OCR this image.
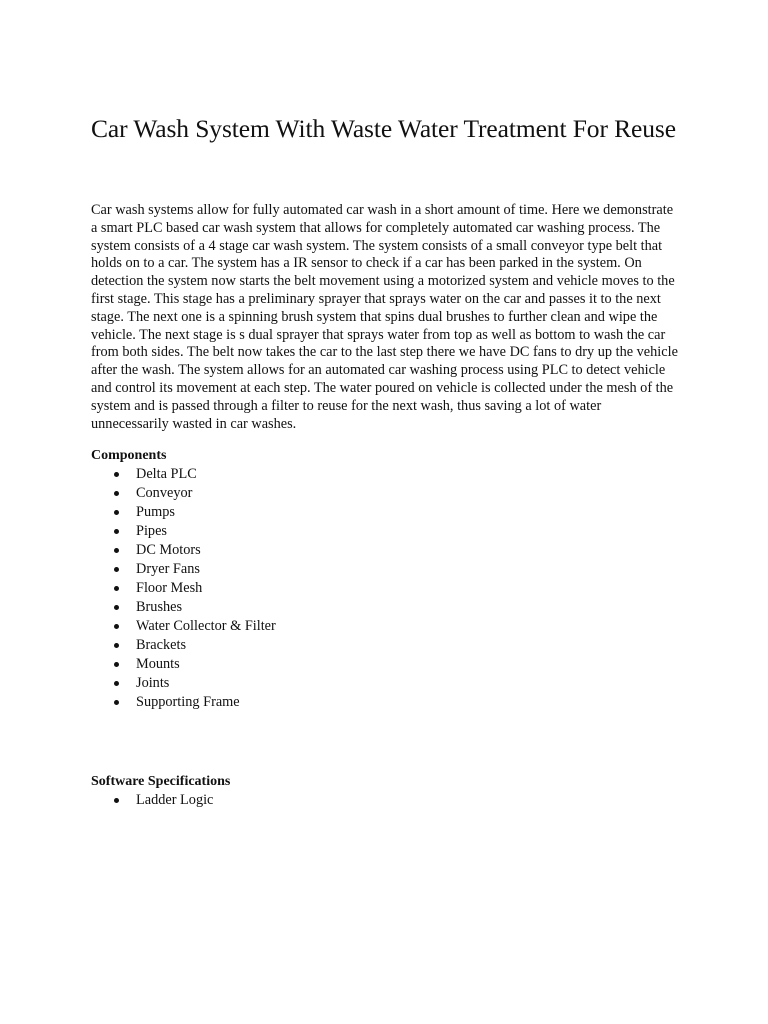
Car Wash System With Waste Water Treatment For Reuse

Car wash systems allow for fully automated car wash in a short amount of time. Here we demonstrate a smart PLC based car wash system that allows for completely automated car washing process. The system consists of a 4 stage car wash system. The system consists of a small conveyor type belt that holds on to a car. The system has a IR sensor to check if a car has been parked in the system. On detection the system now starts the belt movement using a motorized system and vehicle moves to the first stage. This stage has a preliminary sprayer that sprays water on the car and passes it to the next stage. The next one is a spinning brush system that spins dual brushes to further clean and wipe the vehicle. The next stage is s dual sprayer that sprays water from top as well as bottom to wash the car from both sides. The belt now takes the car to the last step there we have DC fans to dry up the vehicle after the wash. The system allows for an automated car washing process using PLC to detect vehicle and control its movement at each step. The water poured on vehicle is collected under the mesh of the system and is passed through a filter to reuse for the next wash, thus saving a lot of water unnecessarily wasted in car washes.

Components

Delta PLC
Conveyor
Pumps
Pipes
DC Motors
Dryer Fans
Floor Mesh
Brushes
Water Collector & Filter
Brackets
Mounts
Joints
Supporting Frame

Software Specifications

Ladder Logic
